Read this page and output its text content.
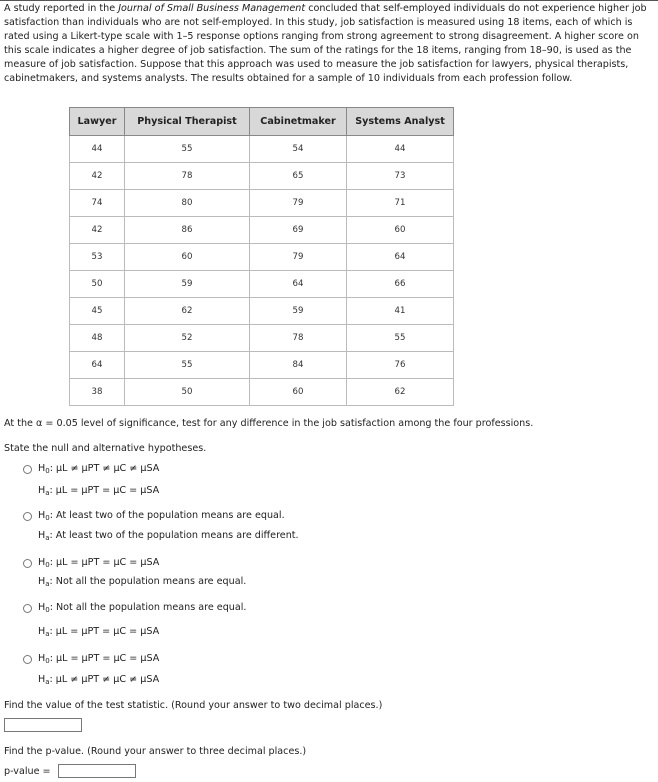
A study reported in the Journal of Small Business Management concluded that self-employed individuals do not experience higher job satisfaction than individuals who are not self-employed. In this study, job satisfaction is measured using 18 items, each of which is rated using a Likert-type scale with 1–5 response options ranging from strong agreement to strong disagreement. A higher score on this scale indicates a higher degree of job satisfaction. The sum of the ratings for the 18 items, ranging from 18–90, is used as the measure of job satisfaction. Suppose that this approach was used to measure the job satisfaction for lawyers, physical therapists, cabinetmakers, and systems analysts. The results obtained for a sample of 10 individuals from each profession follow.
Lawyer	Physical Therapist	Cabinetmaker	Systems Analyst
44	55	54	44
42	78	65	73
74	80	79	71
42	86	69	60
53	60	79	64
50	59	64	66
45	62	59	41
48	52	78	55
64	55	84	76
38	50	60	62
At the α = 0.05 level of significance, test for any difference in the job satisfaction among the four professions.
State the null and alternative hypotheses.
$H_0$: μL ≠ μPT ≠ μC ≠ μSA
$H_a$: μL = μPT = μC = μSA
$H_0$: At least two of the population means are equal.
$H_a$: At least two of the population means are different.
$H_0$: μL = μPT = μC = μSA
$H_a$: Not all the population means are equal.
$H_0$: Not all the population means are equal.
$H_a$: μL = μPT = μC = μSA
$H_0$: μL = μPT = μC = μSA
$H_a$: μL ≠ μPT ≠ μC ≠ μSA
Find the value of the test statistic. (Round your answer to two decimal places.)
Find the p-value. (Round your answer to three decimal places.)
p-value =
